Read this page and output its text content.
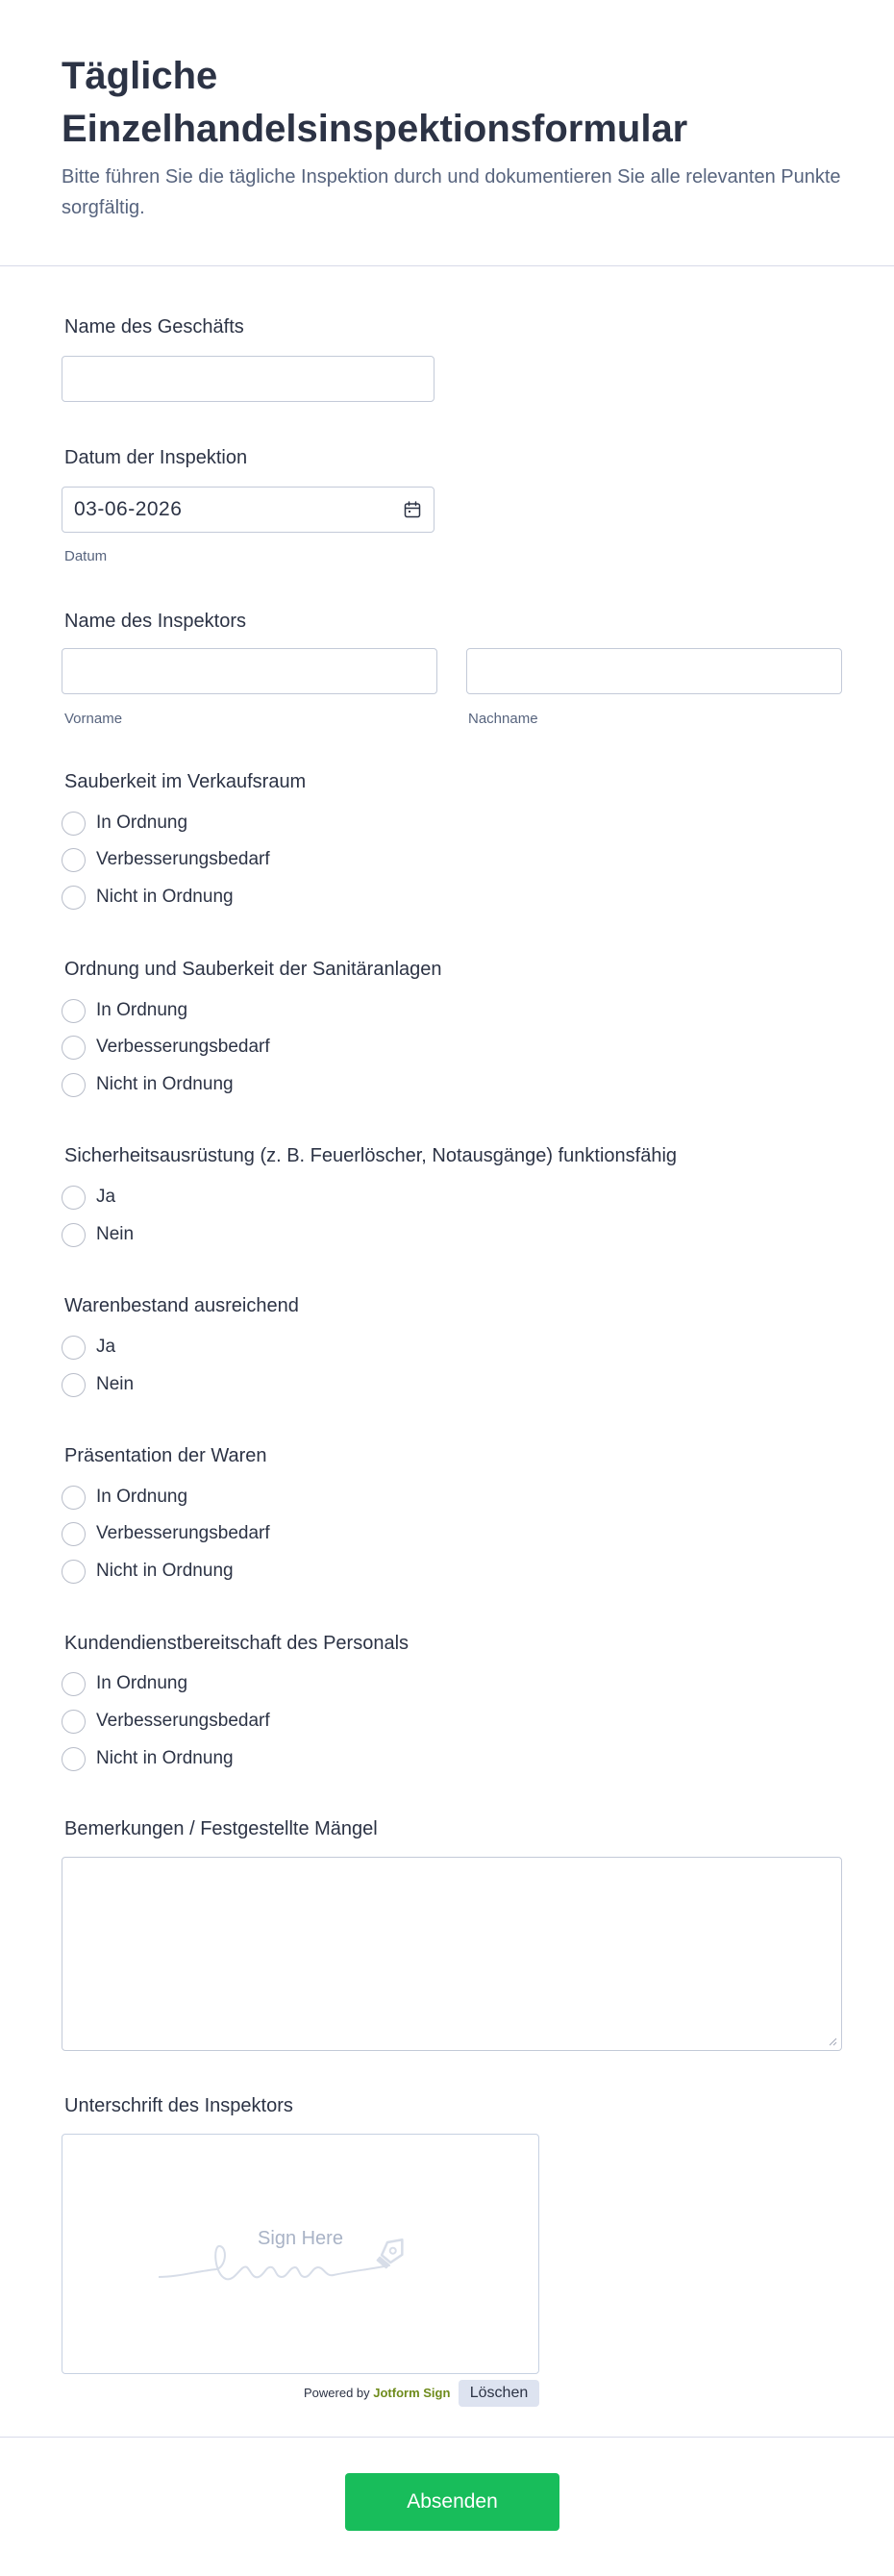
Tägliche Einzelhandelsinspektionsformular

Bitte führen Sie die tägliche Inspektion durch und dokumentieren Sie alle relevanten Punkte sorgfältig.

Name des Geschäfts
Datum der Inspektion
03-06-2026
Datum
Name des Inspektors
Vorname	Nachname
Sauberkeit im Verkaufsraum
In Ordnung
Verbesserungsbedarf
Nicht in Ordnung
Ordnung und Sauberkeit der Sanitäranlagen
In Ordnung
Verbesserungsbedarf
Nicht in Ordnung
Sicherheitsausrüstung (z. B. Feuerlöscher, Notausgänge) funktionsfähig
Ja
Nein
Warenbestand ausreichend
Ja
Nein
Präsentation der Waren
In Ordnung
Verbesserungsbedarf
Nicht in Ordnung
Kundendienstbereitschaft des Personals
In Ordnung
Verbesserungsbedarf
Nicht in Ordnung
Bemerkungen / Festgestellte Mängel
Unterschrift des Inspektors
Sign Here
Powered by Jotform Sign	Löschen
Absenden
